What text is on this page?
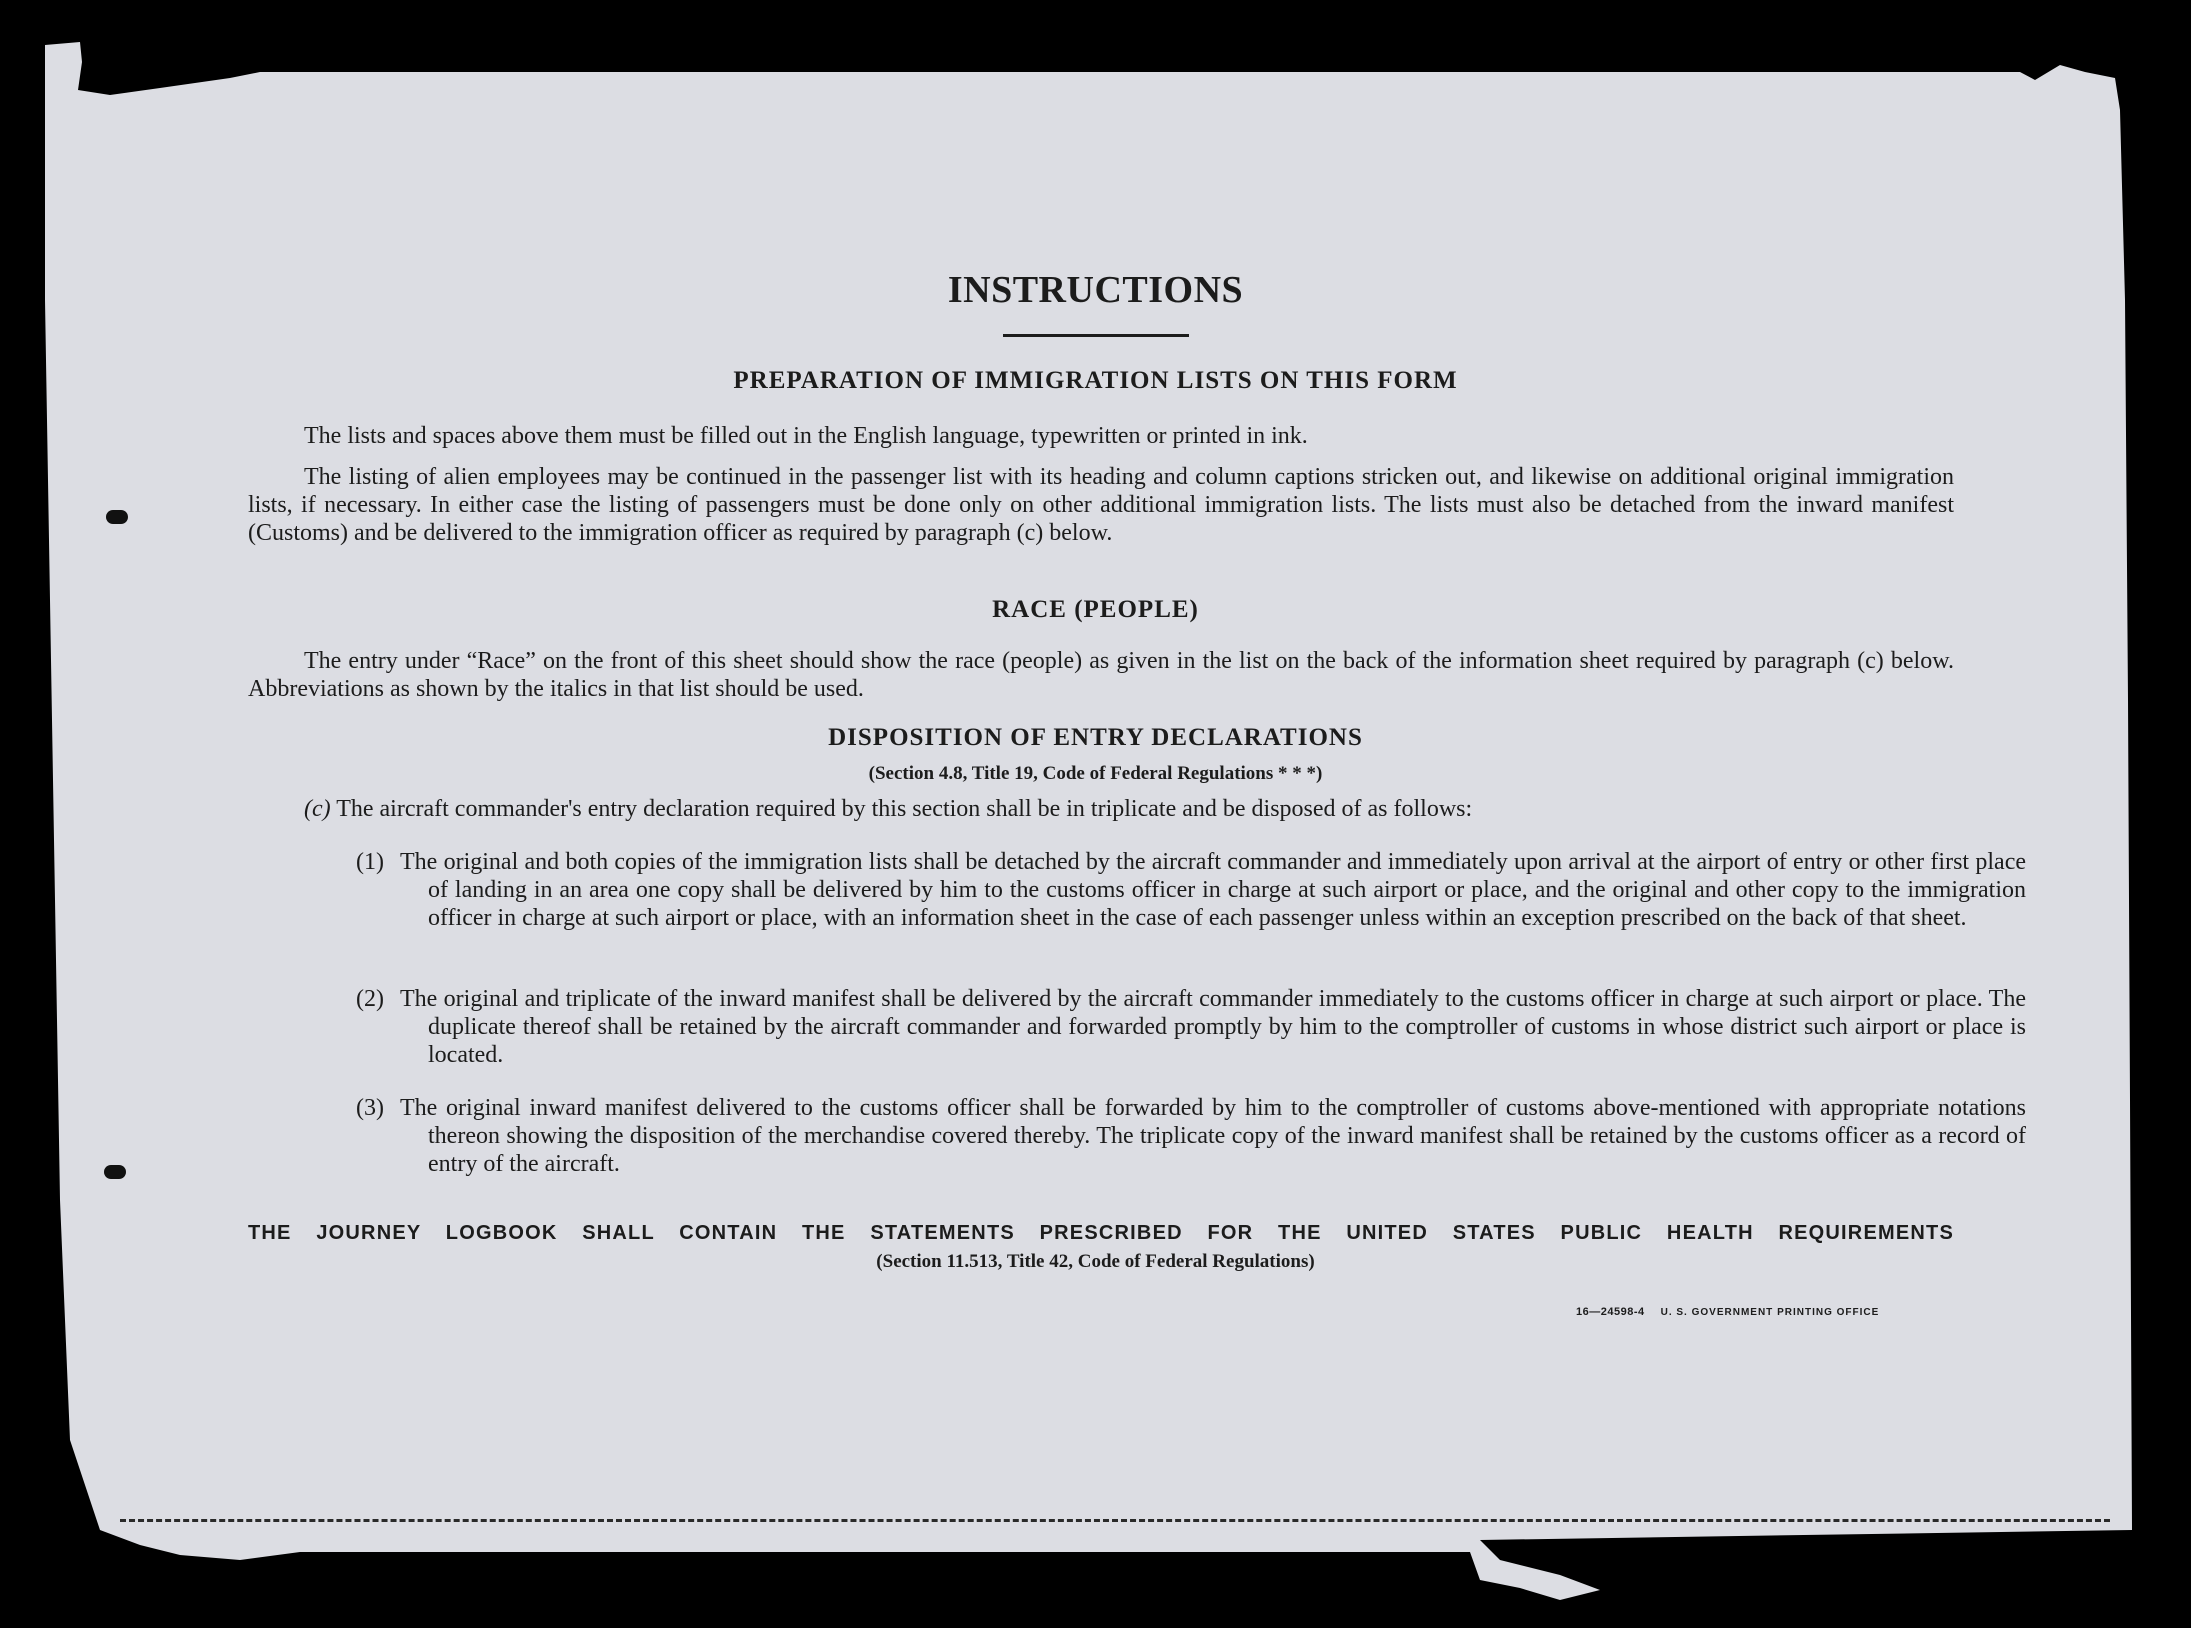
INSTRUCTIONS
PREPARATION OF IMMIGRATION LISTS ON THIS FORM
The lists and spaces above them must be filled out in the English language, typewritten or printed in ink.
The listing of alien employees may be continued in the passenger list with its heading and column captions stricken out, and likewise on additional original immigration lists, if necessary. In either case the listing of passengers must be done only on other additional immigration lists. The lists must also be detached from the inward manifest (Customs) and be delivered to the immigration officer as required by paragraph (c) below.
RACE (PEOPLE)
The entry under “Race” on the front of this sheet should show the race (people) as given in the list on the back of the information sheet required by paragraph (c) below. Abbreviations as shown by the italics in that list should be used.
DISPOSITION OF ENTRY DECLARATIONS
(Section 4.8, Title 19, Code of Federal Regulations * * *)
(c) The aircraft commander's entry declaration required by this section shall be in triplicate and be disposed of as follows:
(1) The original and both copies of the immigration lists shall be detached by the aircraft commander and immediately upon arrival at the airport of entry or other first place of landing in an area one copy shall be delivered by him to the customs officer in charge at such airport or place, and the original and other copy to the immigration officer in charge at such airport or place, with an information sheet in the case of each passenger unless within an exception prescribed on the back of that sheet.
(2) The original and triplicate of the inward manifest shall be delivered by the aircraft commander immediately to the customs officer in charge at such airport or place. The duplicate thereof shall be retained by the aircraft commander and forwarded promptly by him to the comptroller of customs in whose district such airport or place is located.
(3) The original inward manifest delivered to the customs officer shall be forwarded by him to the comptroller of customs above-mentioned with appropriate notations thereon showing the disposition of the merchandise covered thereby. The triplicate copy of the inward manifest shall be retained by the customs officer as a record of entry of the aircraft.
THE JOURNEY LOGBOOK SHALL CONTAIN THE STATEMENTS PRESCRIBED FOR THE UNITED STATES PUBLIC HEALTH REQUIREMENTS
(Section 11.513, Title 42, Code of Federal Regulations)
16—24598-4 U. S. GOVERNMENT PRINTING OFFICE
